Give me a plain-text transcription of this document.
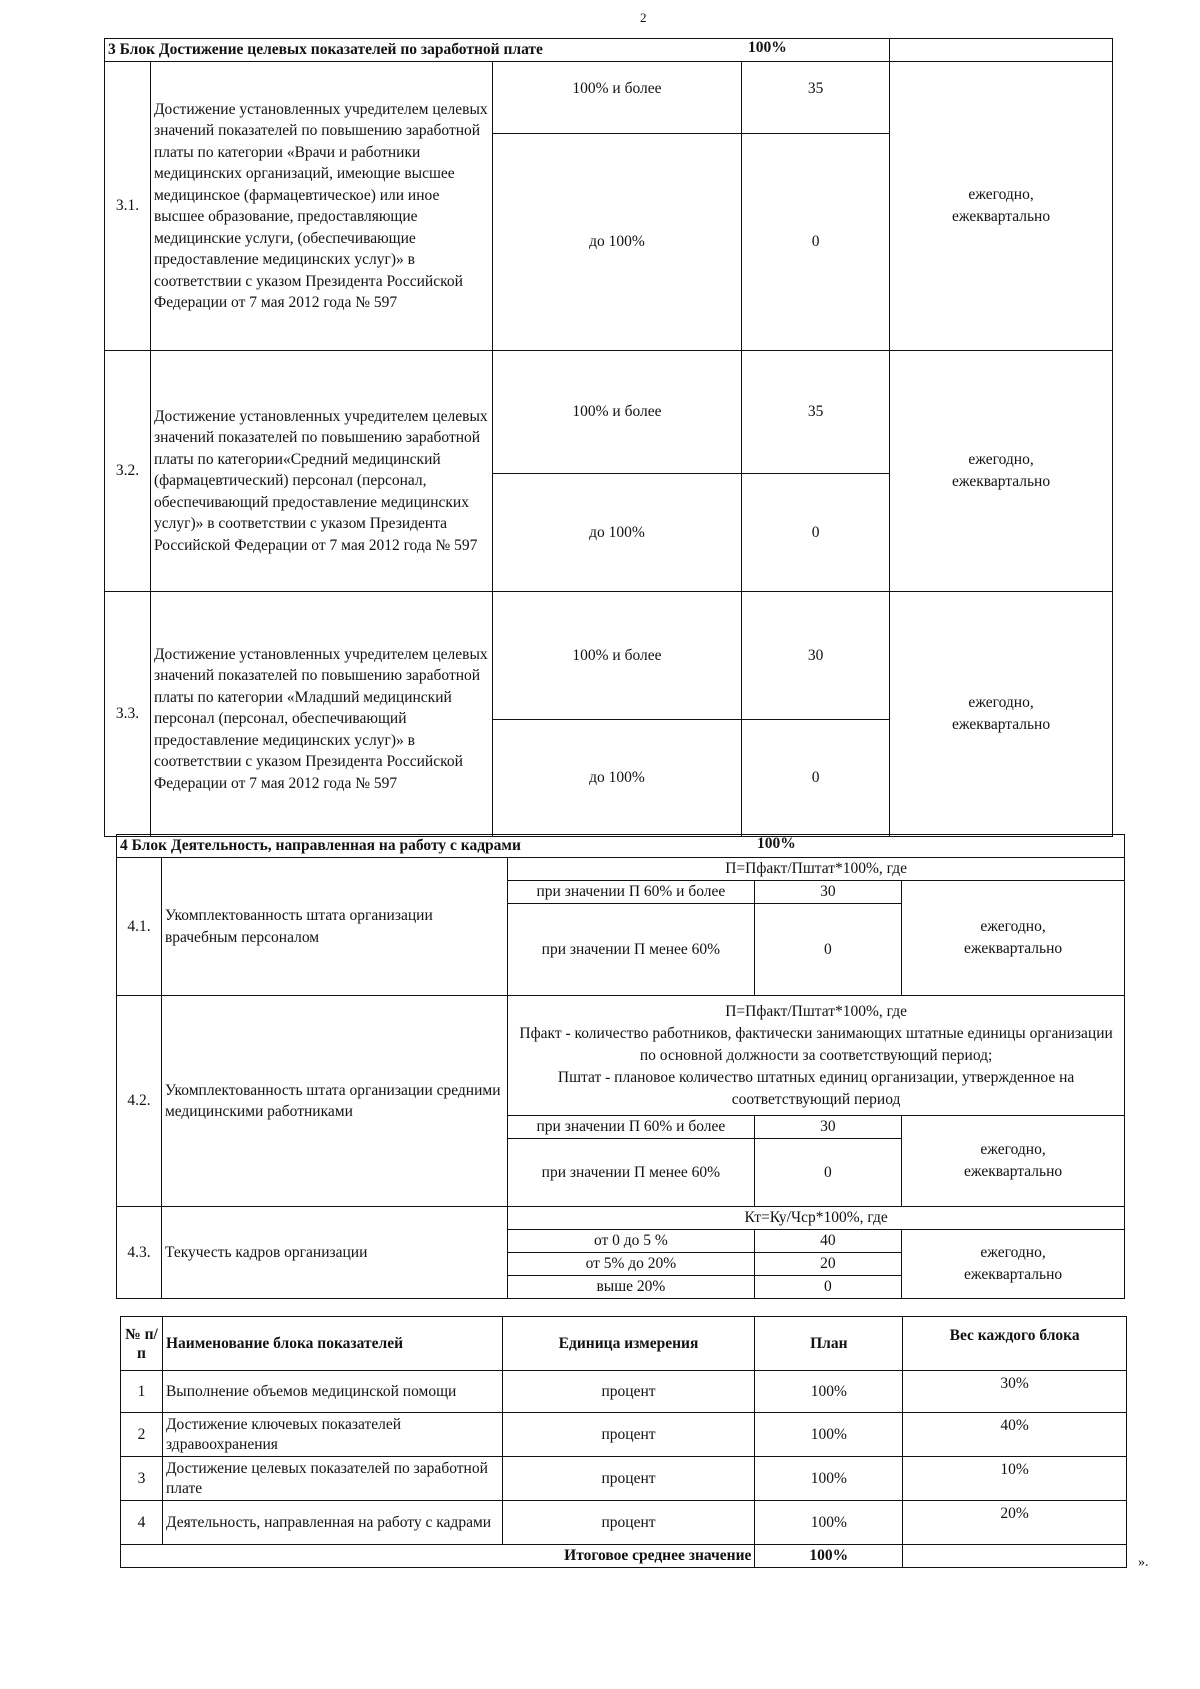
2
3 Блок Достижение целевых показателей по заработной плате 100%				

3.1.	Достижение установленных учредителем целевых значений показателей по повышению заработной платы по категории «Врачи и работники медицинских организаций, имеющие высшее медицинское (фармацевтическое) или иное высшее образование, предоставляющие медицинские услуги, (обеспечивающие предоставление медицинских услуг)» в соответствии с указом Президента Российской Федерации от 7 мая 2012 года № 597	100% и более	35	ежегодно, ежеквартально
		до 100%	0	
3.2.	Достижение установленных учредителем целевых значений показателей по повышению заработной платы по категории«Средний медицинский (фармацевтический) персонал (персонал, обеспечивающий предоставление медицинских услуг)» в соответствии с указом Президента Российской Федерации от 7 мая 2012 года № 597	100% и более	35	ежегодно, ежеквартально
		до 100%	0	
3.3.	Достижение установленных учредителем целевых значений показателей по повышению заработной платы по категории «Младший медицинский персонал (персонал, обеспечивающий предоставление медицинских услуг)» в соответствии с указом Президента Российской Федерации от 7 мая 2012 года № 597	100% и более	30	ежегодно, ежеквартально
		до 100%	0	
4 Блок Деятельность, направленная на работу с кадрами 100%				

4.1.	Укомплектованность штата организации врачебным персоналом	П=Пфакт/Пштат*100%, где		
		при значении П 60% и более	30	ежегодно, ежеквартально
		при значении П менее 60%	0	
4.2.	Укомплектованность штата организации средними медицинскими работниками	П=Пфакт/Пштат*100%, где
Пфакт - количество работников, фактически занимающих штатные единицы организации по основной должности за соответствующий период;
Пштат - плановое количество штатных единиц организации, утвержденное на соответствующий период		

		при значении П 60% и более	30	ежегодно, ежеквартально
		при значении П менее 60%	0	
4.3.	Текучесть кадров организации	Кт=Ку/Чср*100%, где		
		от 0 до 5 %	40	ежегодно, ежеквартально
		от 5% до 20%	20	
		выше 20%	0	
№ п/п	Наименование блока показателей	Единица измерения	План	Вес каждого блока
1	Выполнение объемов медицинской помощи	процент	100%	30%
2	Достижение ключевых показателей здравоохранения	процент	100%	40%
3	Достижение целевых показателей по заработной плате	процент	100%	10%
4	Деятельность, направленная на работу с кадрами	процент	100%	20%
Итоговое среднее значение			100%		».
